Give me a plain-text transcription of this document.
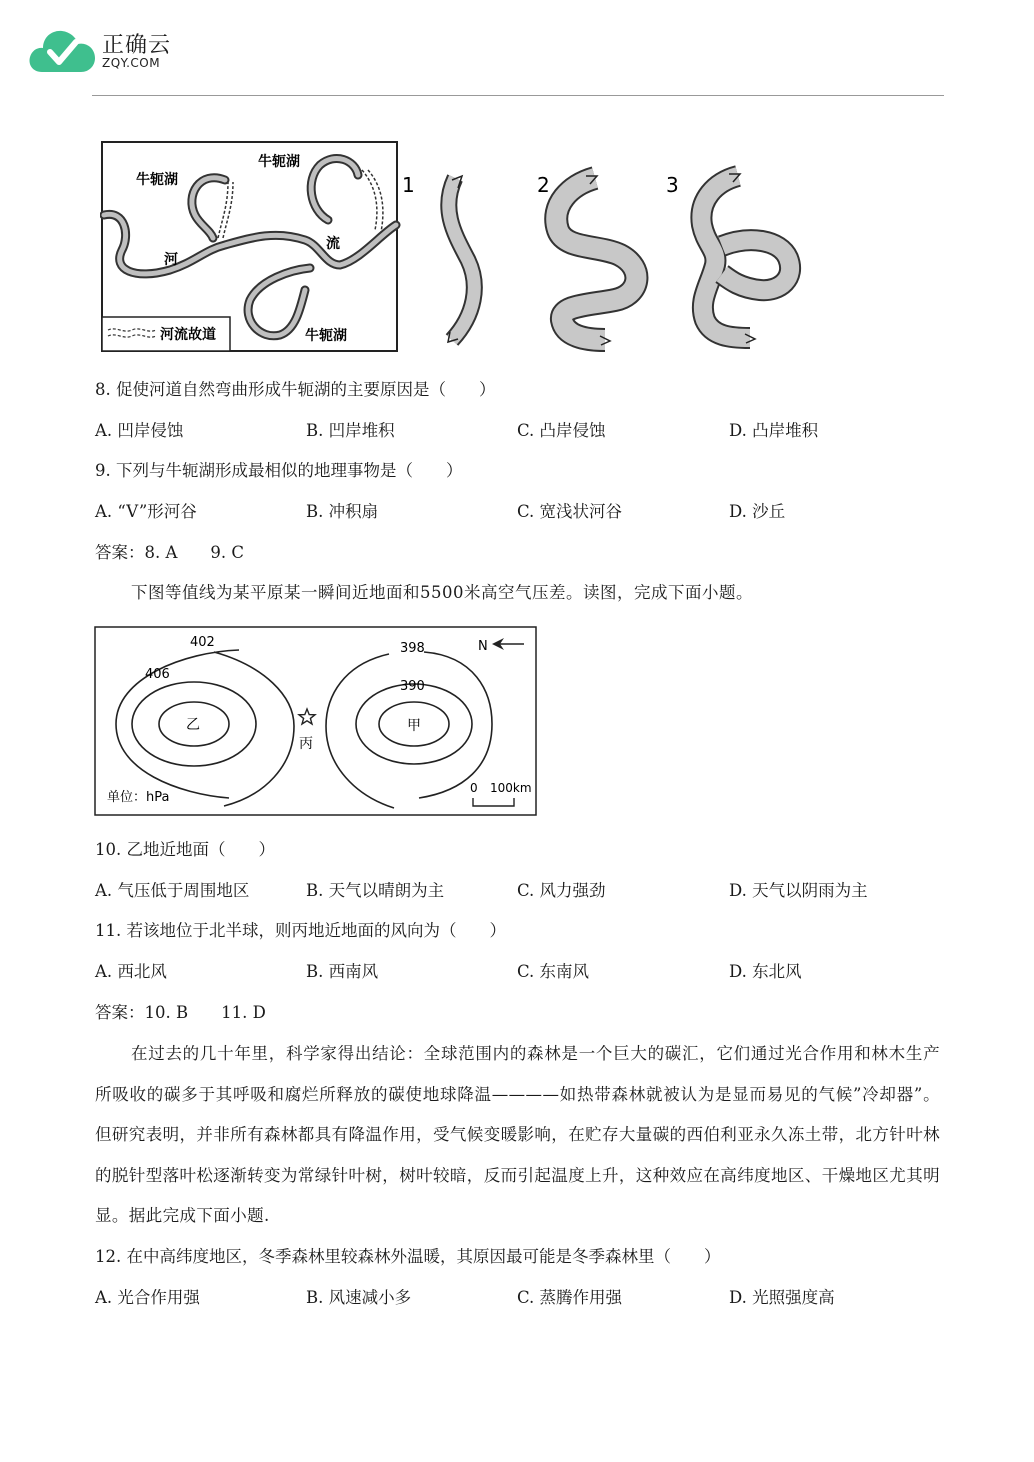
正确云
ZQY.COM
牛轭湖
牛轭湖
河
流
牛轭湖
河流故道
1	2	3
8. 促使河道自然弯曲形成牛轭湖的主要原因是（　　）
A. 凹岸侵蚀	B. 凹岸堆积	C. 凸岸侵蚀	D. 凸岸堆积
9. 下列与牛轭湖形成最相似的地理事物是（　　）
A. “V”形河谷	B. 冲积扇	C. 宽浅状河谷	D. 沙丘
答案：8. A　　9. C
下图等值线为某平原某一瞬间近地面和5500米高空气压差。读图，完成下面小题。
402
406
398
390
乙	甲
丙
N
单位：hPa
0 100km
10. 乙地近地面（　　）
A. 气压低于周围地区	B. 天气以晴朗为主	C. 风力强劲	D. 天气以阴雨为主
11. 若该地位于北半球，则丙地近地面的风向为（　　）
A. 西北风	B. 西南风	C. 东南风	D. 东北风
答案：10. B　　11. D
在过去的几十年里，科学家得出结论：全球范围内的森林是一个巨大的碳汇，它们通过光合作用和林木生产所吸收的碳多于其呼吸和腐烂所释放的碳使地球降温————如热带森林就被认为是显而易见的气候”冷却器”。但研究表明，并非所有森林都具有降温作用，受气候变暖影响，在贮存大量碳的西伯利亚永久冻土带，北方针叶林的脱针型落叶松逐渐转变为常绿针叶树，树叶较暗，反而引起温度上升，这种效应在高纬度地区、干燥地区尤其明显。据此完成下面小题.
12. 在中高纬度地区，冬季森林里较森林外温暖，其原因最可能是冬季森林里（　　）
A. 光合作用强	B. 风速减小多	C. 蒸腾作用强	D. 光照强度高
